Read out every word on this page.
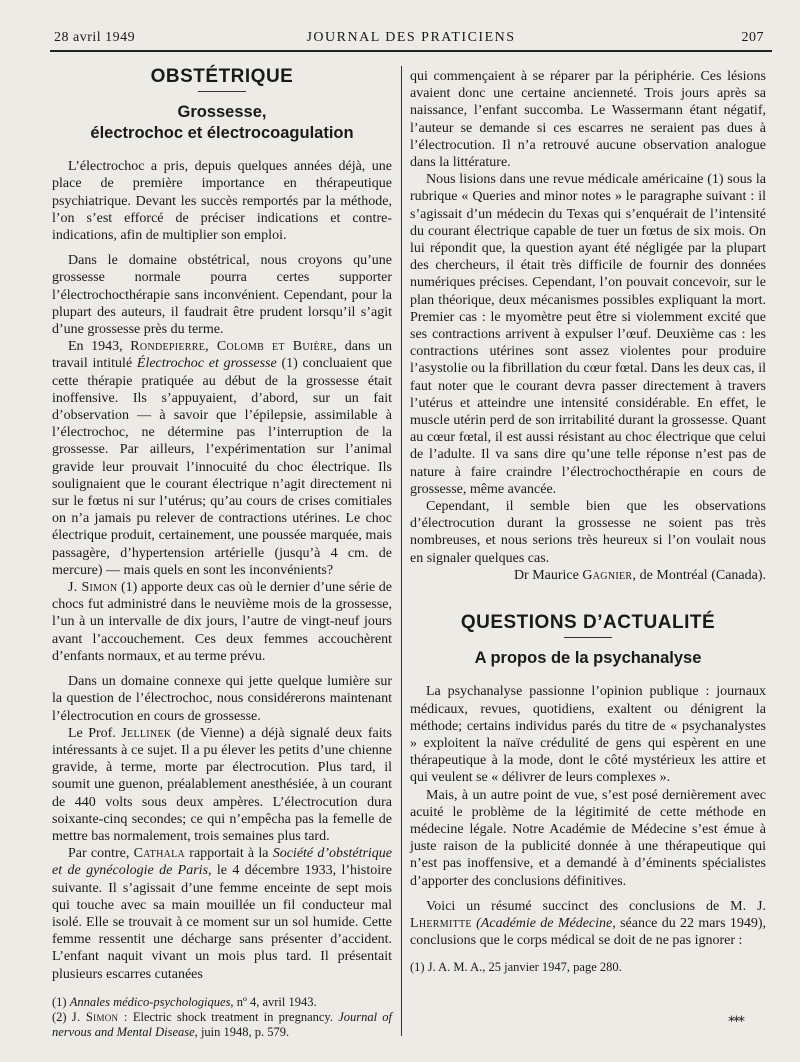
28 avril 1949	JOURNAL DES PRATICIENS	207
OBSTÉTRIQUE
Grossesse,
électrochoc et électrocoagulation

L’électrochoc a pris, depuis quelques années déjà, une place de première importance en thérapeutique psychiatrique. Devant les succès remportés par la méthode, l’on s’est efforcé de préciser indications et contre-indications, afin de multiplier son emploi.

Dans le domaine obstétrical, nous croyons qu’une grossesse normale pourra certes supporter l’électrochocthérapie sans inconvénient. Cependant, pour la plupart des auteurs, il faudrait être prudent lorsqu’il s’agit d’une grossesse près du terme.

En 1943, Rondepierre, Colomb et Buière, dans un travail intitulé Électrochoc et grossesse (1) concluaient que cette thérapie pratiquée au début de la grossesse était inoffensive. Ils s’appuyaient, d’abord, sur un fait d’observation — à savoir que l’épilepsie, assimilable à l’électrochoc, ne détermine pas l’interruption de la grossesse. Par ailleurs, l’expérimentation sur l’animal gravide leur prouvait l’innocuité du choc électrique. Ils soulignaient que le courant électrique n’agit directement ni sur le fœtus ni sur l’utérus; qu’au cours de crises comitiales on n’a jamais pu relever de contractions utérines. Le choc électrique produit, certainement, une poussée marquée, mais passagère, d’hypertension artérielle (jusqu’à 4 cm. de mercure) — mais quels en sont les inconvénients?

J. Simon (1) apporte deux cas où le dernier d’une série de chocs fut administré dans le neuvième mois de la grossesse, l’un à un intervalle de dix jours, l’autre de vingt-neuf jours avant l’accouchement. Ces deux femmes accouchèrent d’enfants normaux, et au terme prévu.

Dans un domaine connexe qui jette quelque lumière sur la question de l’électrochoc, nous considérerons maintenant l’électrocution en cours de grossesse.

Le Prof. Jellinek (de Vienne) a déjà signalé deux faits intéressants à ce sujet. Il a pu élever les petits d’une chienne gravide, à terme, morte par électrocution. Plus tard, il soumit une guenon, préalablement anesthésiée, à un courant de 440 volts sous deux ampères. L’électrocution dura soixante-cinq secondes; ce qui n’empêcha pas la femelle de mettre bas normalement, trois semaines plus tard.

Par contre, Cathala rapportait à la Société d’obstétrique et de gynécologie de Paris, le 4 décembre 1933, l’histoire suivante. Il s’agissait d’une femme enceinte de sept mois qui touche avec sa main mouillée un fil conducteur mal isolé. Elle se trouvait à ce moment sur un sol humide. Cette femme ressentit une décharge sans présenter d’accident. L’enfant naquit vivant un mois plus tard. Il présentait plusieurs escarres cutanées

(1) Annales médico-psychologiques, nº 4, avril 1943.
(2) J. Simon : Electric shock treatment in pregnancy. Journal of nervous and Mental Disease, juin 1948, p. 579.

qui commençaient à se réparer par la périphérie. Ces lésions avaient donc une certaine ancienneté. Trois jours après sa naissance, l’enfant succomba. Le Wassermann étant négatif, l’auteur se demande si ces escarres ne seraient pas dues à l’électrocution. Il n’a retrouvé aucune observation analogue dans la littérature.

Nous lisions dans une revue médicale américaine (1) sous la rubrique « Queries and minor notes » le paragraphe suivant : il s’agissait d’un médecin du Texas qui s’enquérait de l’intensité du courant électrique capable de tuer un fœtus de six mois. On lui répondit que, la question ayant été négligée par la plupart des chercheurs, il était très difficile de fournir des données numériques précises. Cependant, l’on pouvait concevoir, sur le plan théorique, deux mécanismes possibles expliquant la mort. Premier cas : le myomètre peut être si violemment excité que ses contractions arrivent à expulser l’œuf. Deuxième cas : les contractions utérines sont assez violentes pour produire l’asystolie ou la fibrillation du cœur fœtal. Dans les deux cas, il faut noter que le courant devra passer directement à travers l’utérus et atteindre une intensité considérable. En effet, le muscle utérin perd de son irritabilité durant la grossesse. Quant au cœur fœtal, il est aussi résistant au choc électrique que celui de l’adulte. Il va sans dire qu’une telle réponse n’est pas de nature à faire craindre l’électrochocthérapie en cours de grossesse, même avancée.

Cependant, il semble bien que les observations d’électrocution durant la grossesse ne soient pas très nombreuses, et nous serions très heureux si l’on voulait nous en signaler quelques cas.

Dr Maurice Gagnier, de Montréal (Canada).

QUESTIONS D’ACTUALITÉ
A propos de la psychanalyse

La psychanalyse passionne l’opinion publique : journaux médicaux, revues, quotidiens, exaltent ou dénigrent la méthode; certains individus parés du titre de « psychanalystes » exploitent la naïve crédulité de gens qui espèrent en une thérapeutique à la mode, dont le côté mystérieux les attire et qui veulent se « délivrer de leurs complexes ».

Mais, à un autre point de vue, s’est posé dernièrement avec acuité le problème de la légitimité de cette méthode en médecine légale. Notre Académie de Médecine s’est émue à juste raison de la publicité donnée à une thérapeutique qui n’est pas inoffensive, et a demandé à d’éminents spécialistes d’apporter des conclusions définitives.

Voici un résumé succinct des conclusions de M. J. Lhermitte (Académie de Médecine, séance du 22 mars 1949), conclusions que le corps médical se doit de ne pas ignorer :

(1) J. A. M. A., 25 janvier 1947, page 280.
***
